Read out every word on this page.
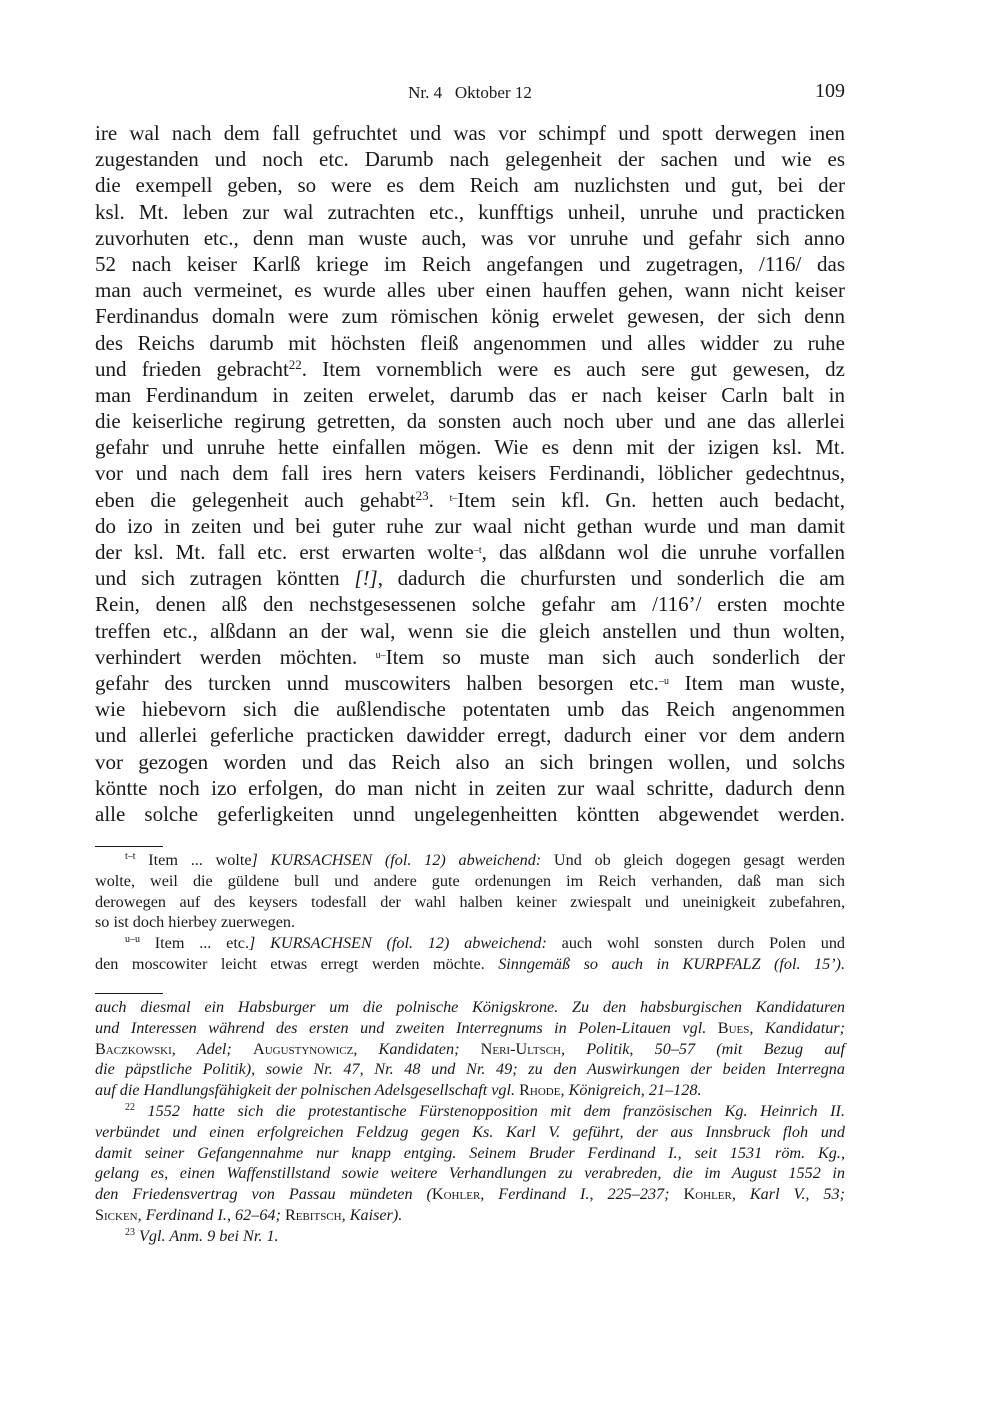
Nr. 4   Oktober 12	109
ire wal nach dem fall gefruchtet und was vor schimpf und spott derwegen inen
zugestanden und noch etc. Darumb nach gelegenheit der sachen und wie es
die exempell geben, so were es dem Reich am nuzlichsten und gut, bei der
ksl. Mt. leben zur wal zutrachten etc., kunfftigs unheil, unruhe und practicken
zuvorhuten etc., denn man wuste auch, was vor unruhe und gefahr sich anno
52 nach keiser Karlß kriege im Reich angefangen und zugetragen, /116/ das
man auch vermeinet, es wurde alles uber einen hauffen gehen, wann nicht keiser
Ferdinandus domaln were zum römischen könig erwelet gewesen, der sich denn
des Reichs darumb mit höchsten fleiß angenommen und alles widder zu ruhe
und frieden gebracht$^{22}$. Item vornemblich were es auch sere gut gewesen, dz
man Ferdinandum in zeiten erwelet, darumb das er nach keiser Carln balt in
die keiserliche regirung getretten, da sonsten auch noch uber und ane das allerlei
gefahr und unruhe hette einfallen mögen. Wie es denn mit der izigen ksl. Mt.
vor und nach dem fall ires hern vaters keisers Ferdinandi, löblicher gedechtnus,
eben die gelegenheit auch gehabt$^{23}$. $^{t-}$Item sein kfl. Gn. hetten auch bedacht,
do izo in zeiten und bei guter ruhe zur waal nicht gethan wurde und man damit
der ksl. Mt. fall etc. erst erwarten wolte$^{-t}$, das alßdann wol die unruhe vorfallen
und sich zutragen köntten [!], dadurch die churfursten und sonderlich die am
Rein, denen alß den nechstgesessenen solche gefahr am /116’/ ersten mochte
treffen etc., alßdann an der wal, wenn sie die gleich anstellen und thun wolten,
verhindert werden möchten. $^{u-}$Item so muste man sich auch sonderlich der
gefahr des turcken unnd muscowiters halben besorgen etc.$^{-u}$ Item man wuste,
wie hiebevorn sich die außlendische potentaten umb das Reich angenommen
und allerlei geferliche practicken dawidder erregt, dadurch einer vor dem andern
vor gezogen worden und das Reich also an sich bringen wollen, und solchs
köntte noch izo erfolgen, do man nicht in zeiten zur waal schritte, dadurch denn
alle solche geferligkeiten unnd ungelegenheitten köntten abgewendet werden.
$^{t-t}$ Item ... wolte] KURSACHSEN (fol. 12) abweichend: Und ob gleich dogegen gesagt werden
wolte, weil die güldene bull und andere gute ordenungen im Reich verhanden, daß man sich
derowegen auf des keysers todesfall der wahl halben keiner zwiespalt und uneinigkeit zubefahren,
so ist doch hierbey zuerwegen.
$^{u-u}$ Item ... etc.] KURSACHSEN (fol. 12) abweichend: auch wohl sonsten durch Polen und
den moscowiter leicht etwas erregt werden möchte. Sinngemäß so auch in KURPFALZ (fol. 15’).
auch diesmal ein Habsburger um die polnische Königskrone. Zu den habsburgischen Kandidaturen
und Interessen während des ersten und zweiten Interregnums in Polen-Litauen vgl. Bues, Kandidatur;
Baczkowski, Adel; Augustynowicz, Kandidaten; Neri-Ultsch, Politik, 50–57 (mit Bezug auf
die päpstliche Politik), sowie Nr. 47, Nr. 48 und Nr. 49; zu den Auswirkungen der beiden Interregna
auf die Handlungsfähigkeit der polnischen Adelsgesellschaft vgl. Rhode, Königreich, 21–128.
$^{22}$ 1552 hatte sich die protestantische Fürstenopposition mit dem französischen Kg. Heinrich II.
verbündet und einen erfolgreichen Feldzug gegen Ks. Karl V. geführt, der aus Innsbruck floh und
damit seiner Gefangennahme nur knapp entging. Seinem Bruder Ferdinand I., seit 1531 röm. Kg.,
gelang es, einen Waffenstillstand sowie weitere Verhandlungen zu verabreden, die im August 1552 in
den Friedensvertrag von Passau mündeten (Kohler, Ferdinand I., 225–237; Kohler, Karl V., 53;
Sicken, Ferdinand I., 62–64; Rebitsch, Kaiser).
$^{23}$ Vgl. Anm. 9 bei Nr. 1.
